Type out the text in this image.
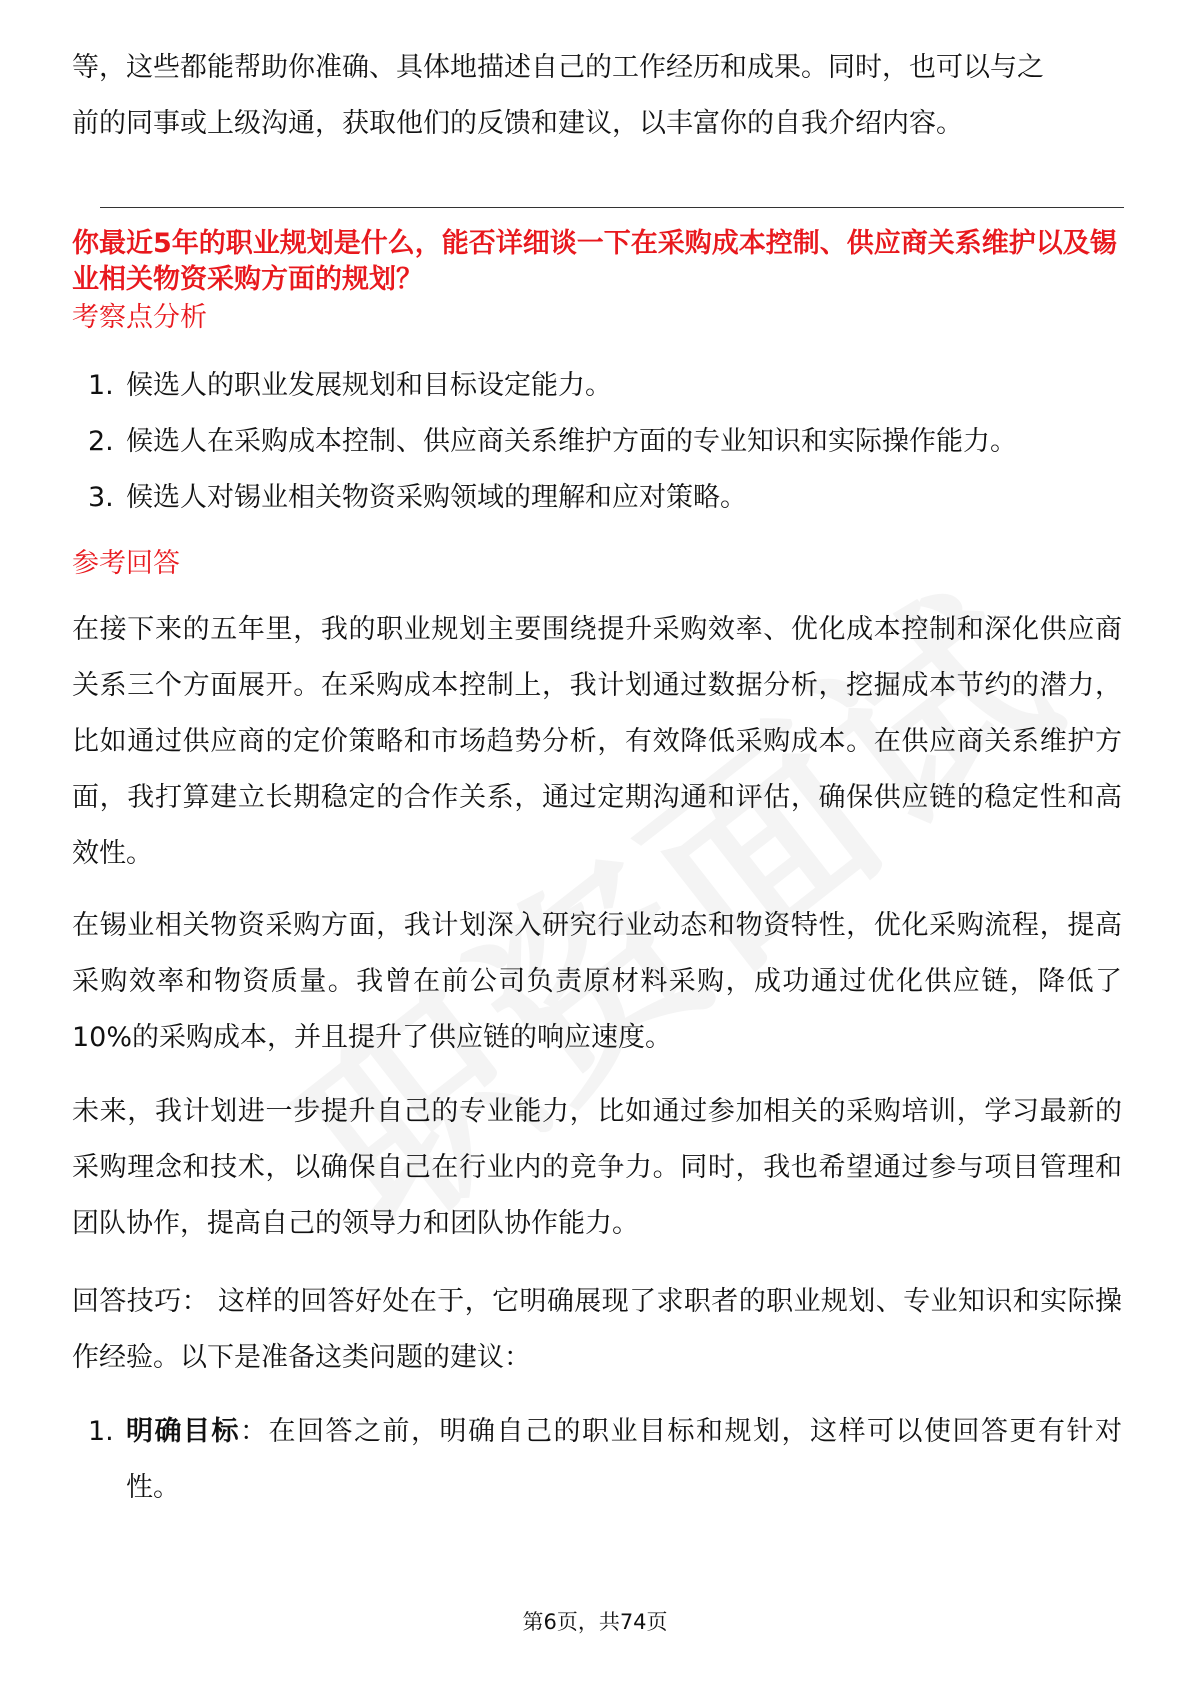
等，这些都能帮助你准确、具体地描述自己的工作经历和成果。同时，也可以与之

前的同事或上级沟通，获取他们的反馈和建议，以丰富你的自我介绍内容。

你最近5年的职业规划是什么，能否详细谈一下在采购成本控制、供应商关系维护以及锡业相关物资采购方面的规划？

考察点分析

1. 候选人的职业发展规划和目标设定能力。
2. 候选人在采购成本控制、供应商关系维护方面的专业知识和实际操作能力。
3. 候选人对锡业相关物资采购领域的理解和应对策略。

参考回答

在接下来的五年里，我的职业规划主要围绕提升采购效率、优化成本控制和深化供应商关系三个方面展开。在采购成本控制上，我计划通过数据分析，挖掘成本节约的潜力，比如通过供应商的定价策略和市场趋势分析，有效降低采购成本。在供应商关系维护方面，我打算建立长期稳定的合作关系，通过定期沟通和评估，确保供应链的稳定性和高效性。

在锡业相关物资采购方面，我计划深入研究行业动态和物资特性，优化采购流程，提高采购效率和物资质量。我曾在前公司负责原材料采购，成功通过优化供应链，降低了10%的采购成本，并且提升了供应链的响应速度。

未来，我计划进一步提升自己的专业能力，比如通过参加相关的采购培训，学习最新的采购理念和技术，以确保自己在行业内的竞争力。同时，我也希望通过参与项目管理和团队协作，提高自己的领导力和团队协作能力。

回答技巧： 这样的回答好处在于，它明确展现了求职者的职业规划、专业知识和实际操作经验。以下是准备这类问题的建议：

1. 明确目标：在回答之前，明确自己的职业目标和规划，这样可以使回答更有针对性。
第6页，共74页
